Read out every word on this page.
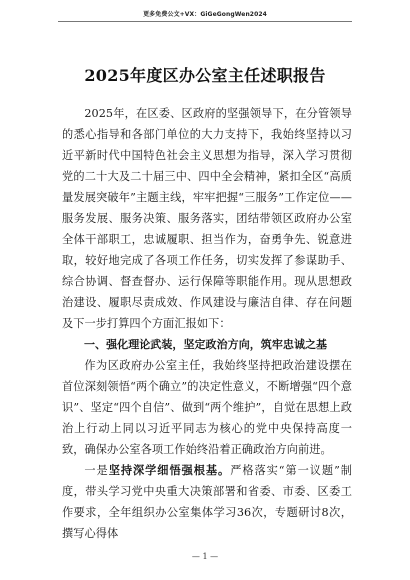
更多免费公文+VX：GiGeGongWen2024
2025年度区办公室主任述职报告

2025年，在区委、区政府的坚强领导下，在分管领导的悉心指导和各部门单位的大力支持下，我始终坚持以习近平新时代中国特色社会主义思想为指导，深入学习贯彻党的二十大及二十届三中、四中全会精神，紧扣全区“高质量发展突破年”主题主线，牢牢把握“三服务”工作定位——服务发展、服务决策、服务落实，团结带领区政府办公室全体干部职工，忠诚履职、担当作为，奋勇争先、锐意进取，较好地完成了各项工作任务，切实发挥了参谋助手、综合协调、督查督办、运行保障等职能作用。现从思想政治建设、履职尽责成效、作风建设与廉洁自律、存在问题及下一步打算四个方面汇报如下：

一、强化理论武装，坚定政治方向，筑牢忠诚之基

作为区政府办公室主任，我始终坚持把政治建设摆在首位深刻领悟“两个确立”的决定性意义，不断增强“四个意识”、坚定“四个自信”、做到“两个维护”，自觉在思想上政治上行动上同以习近平同志为核心的党中央保持高度一致，确保办公室各项工作始终沿着正确政治方向前进。

一是坚持深学细悟强根基。严格落实“第一议题”制度，带头学习党中央重大决策部署和省委、市委、区委工作要求，全年组织办公室集体学习36次，专题研讨8次，撰写心得体

— 1 —
